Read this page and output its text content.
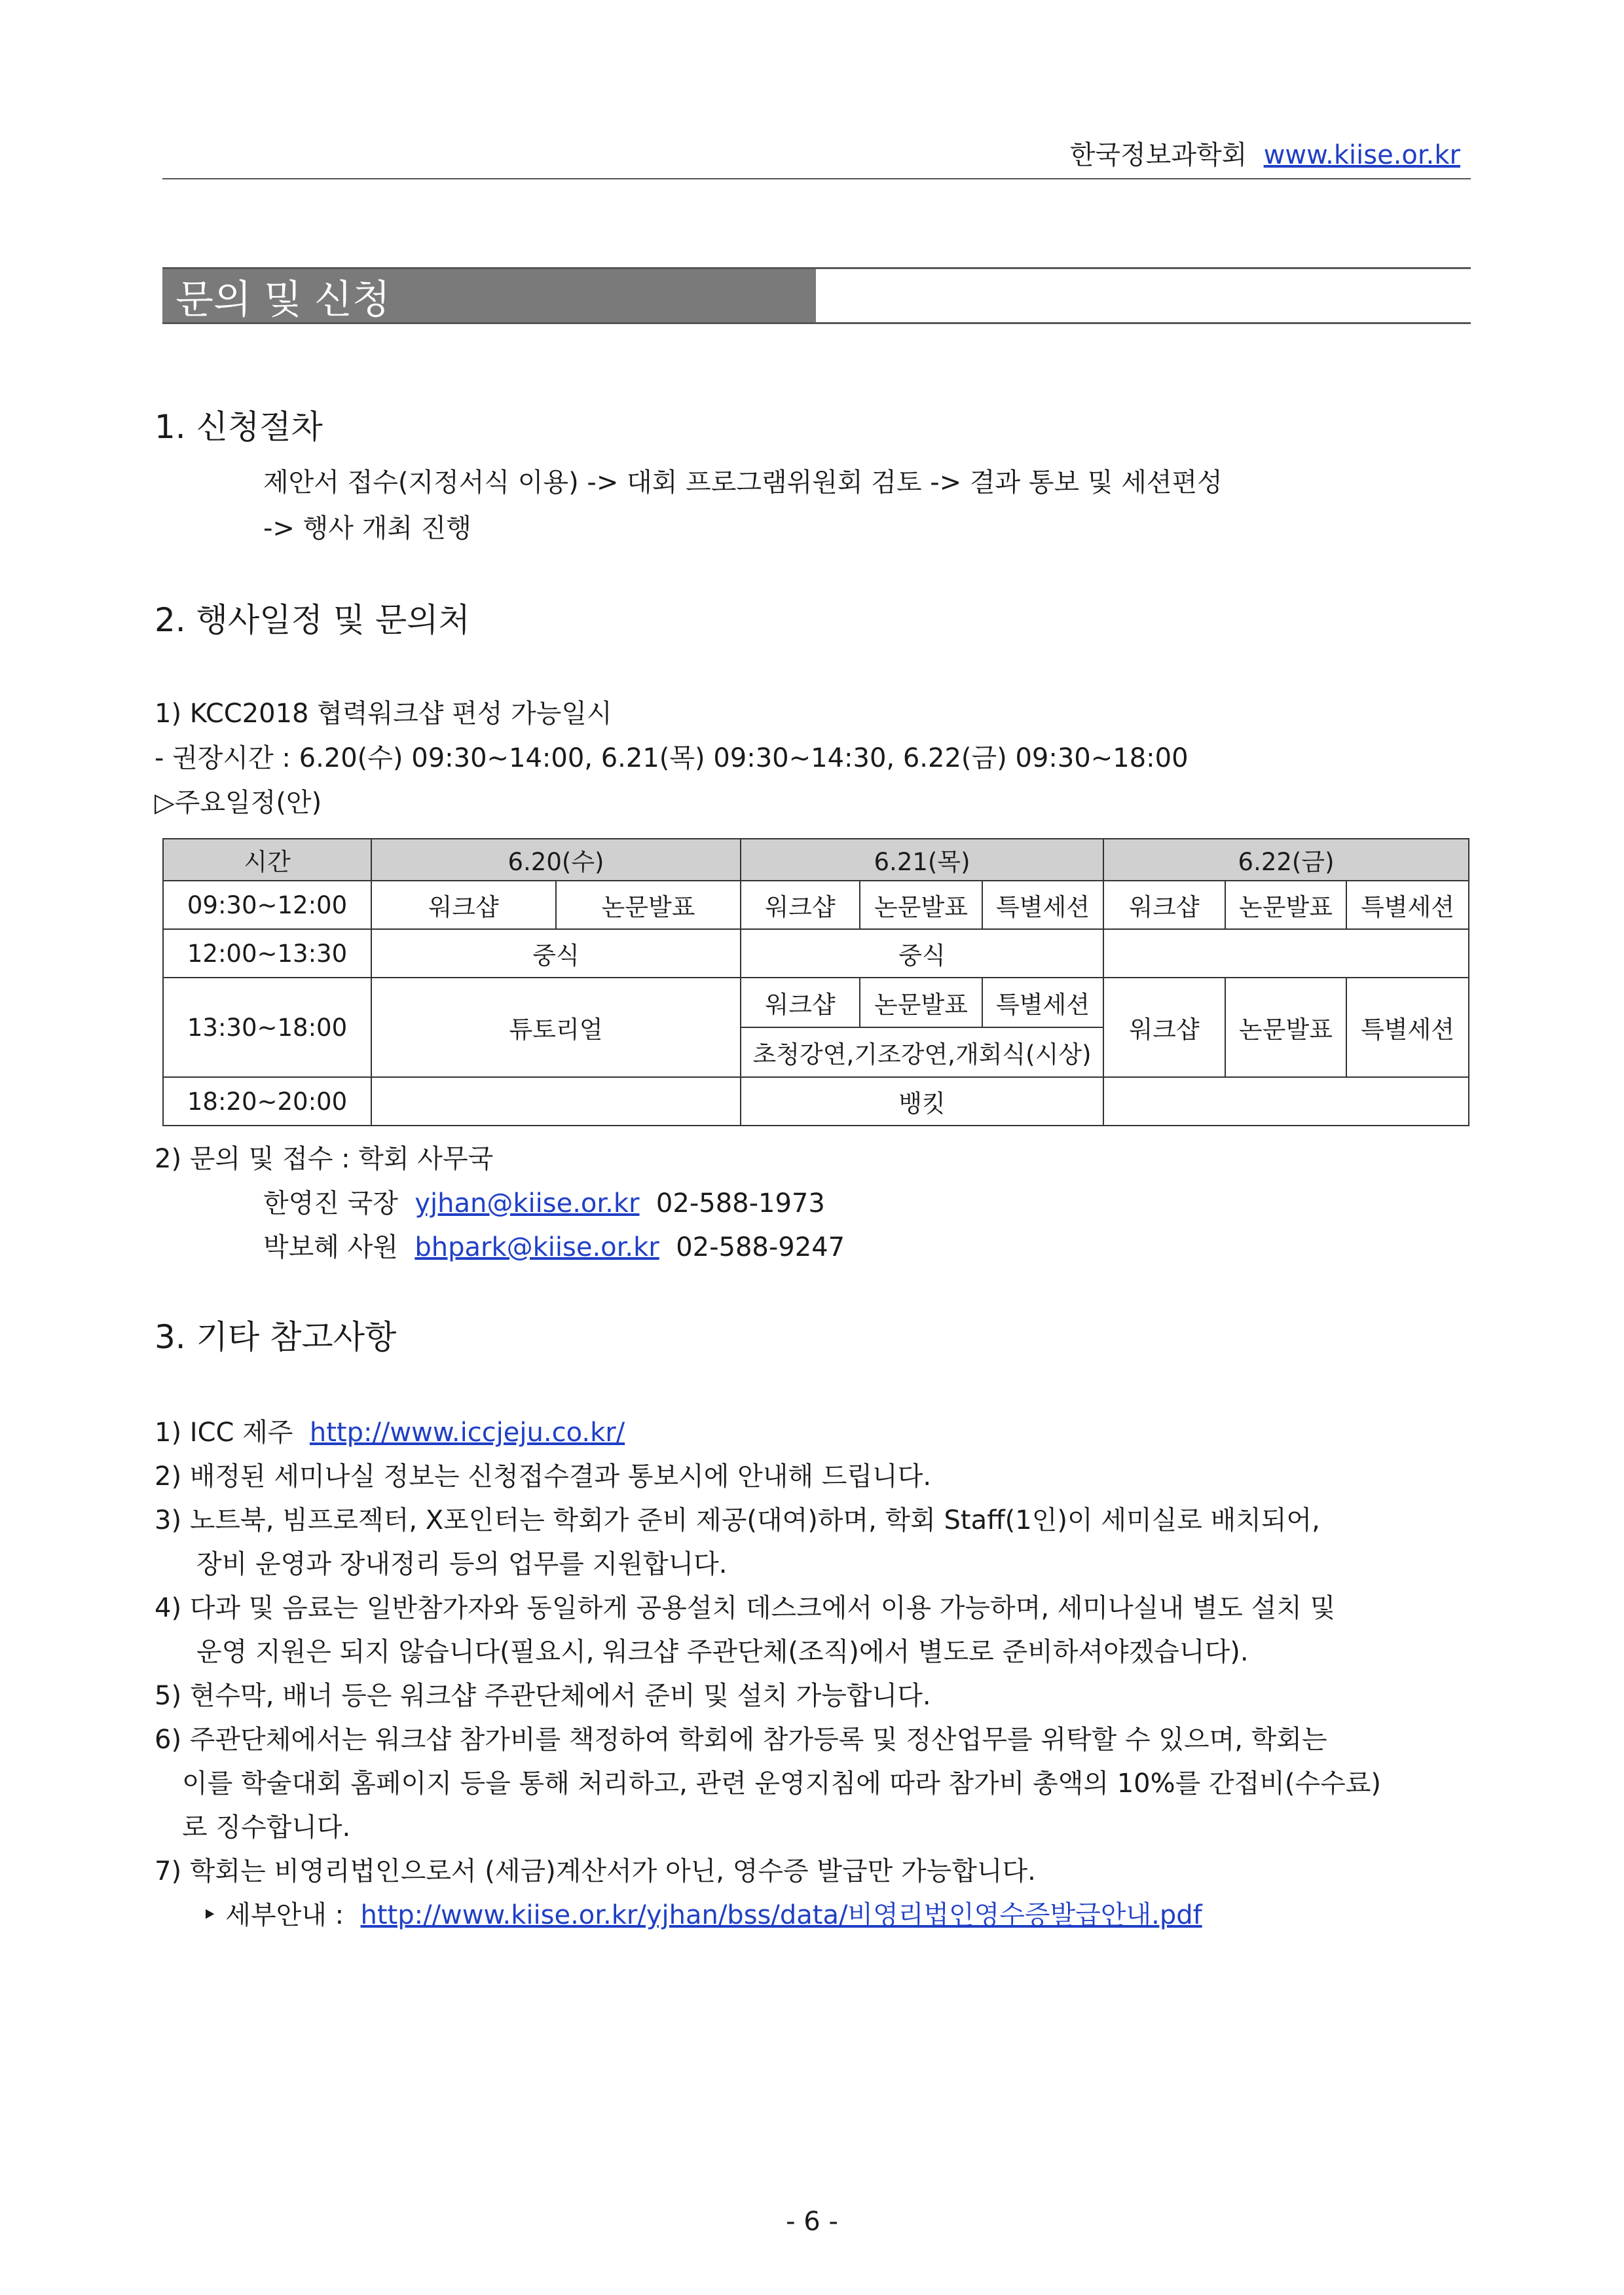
한국정보과학회 www.kiise.or.kr
문의 및 신청
1. 신청절차
제안서 접수(지정서식 이용) -> 대회 프로그램위원회 검토 -> 결과 통보 및 세션편성
-> 행사 개최 진행
2. 행사일정 및 문의처
1) KCC2018 협력워크샵 편성 가능일시
- 권장시간 : 6.20(수) 09:30~14:00, 6.21(목) 09:30~14:30, 6.22(금) 09:30~18:00
▷주요일정(안)
시간	6.20(수)		6.21(목)			6.22(금)		
09:30~12:00	워크샵	논문발표	워크샵	논문발표	특별세션	워크샵	논문발표	특별세션
12:00~13:30	중식		중식					
13:30~18:00	튜토리얼		워크샵	논문발표	특별세션	워크샵	논문발표	특별세션
			초청강연,기조강연,개회식(시상)					
18:20~20:00			뱅킷					
2) 문의 및 접수 : 학회 사무국
한영진 국장 yjhan@kiise.or.kr 02-588-1973
박보혜 사원 bhpark@kiise.or.kr 02-588-9247
3. 기타 참고사항
1) ICC 제주 http://www.iccjeju.co.kr/
2) 배정된 세미나실 정보는 신청접수결과 통보시에 안내해 드립니다.
3) 노트북, 빔프로젝터, X포인터는 학회가 준비 제공(대여)하며, 학회 Staff(1인)이 세미실로 배치되어,
장비 운영과 장내정리 등의 업무를 지원합니다.
4) 다과 및 음료는 일반참가자와 동일하게 공용설치 데스크에서 이용 가능하며, 세미나실내 별도 설치 및
운영 지원은 되지 않습니다(필요시, 워크샵 주관단체(조직)에서 별도로 준비하셔야겠습니다).
5) 현수막, 배너 등은 워크샵 주관단체에서 준비 및 설치 가능합니다.
6) 주관단체에서는 워크샵 참가비를 책정하여 학회에 참가등록 및 정산업무를 위탁할 수 있으며, 학회는
이를 학술대회 홈페이지 등을 통해 처리하고, 관련 운영지침에 따라 참가비 총액의 10%를 간접비(수수료)
로 징수합니다.
7) 학회는 비영리법인으로서 (세금)계산서가 아닌, 영수증 발급만 가능합니다.
‣ 세부안내 : http://www.kiise.or.kr/yjhan/bss/data/비영리법인영수증발급안내.pdf
- 6 -
